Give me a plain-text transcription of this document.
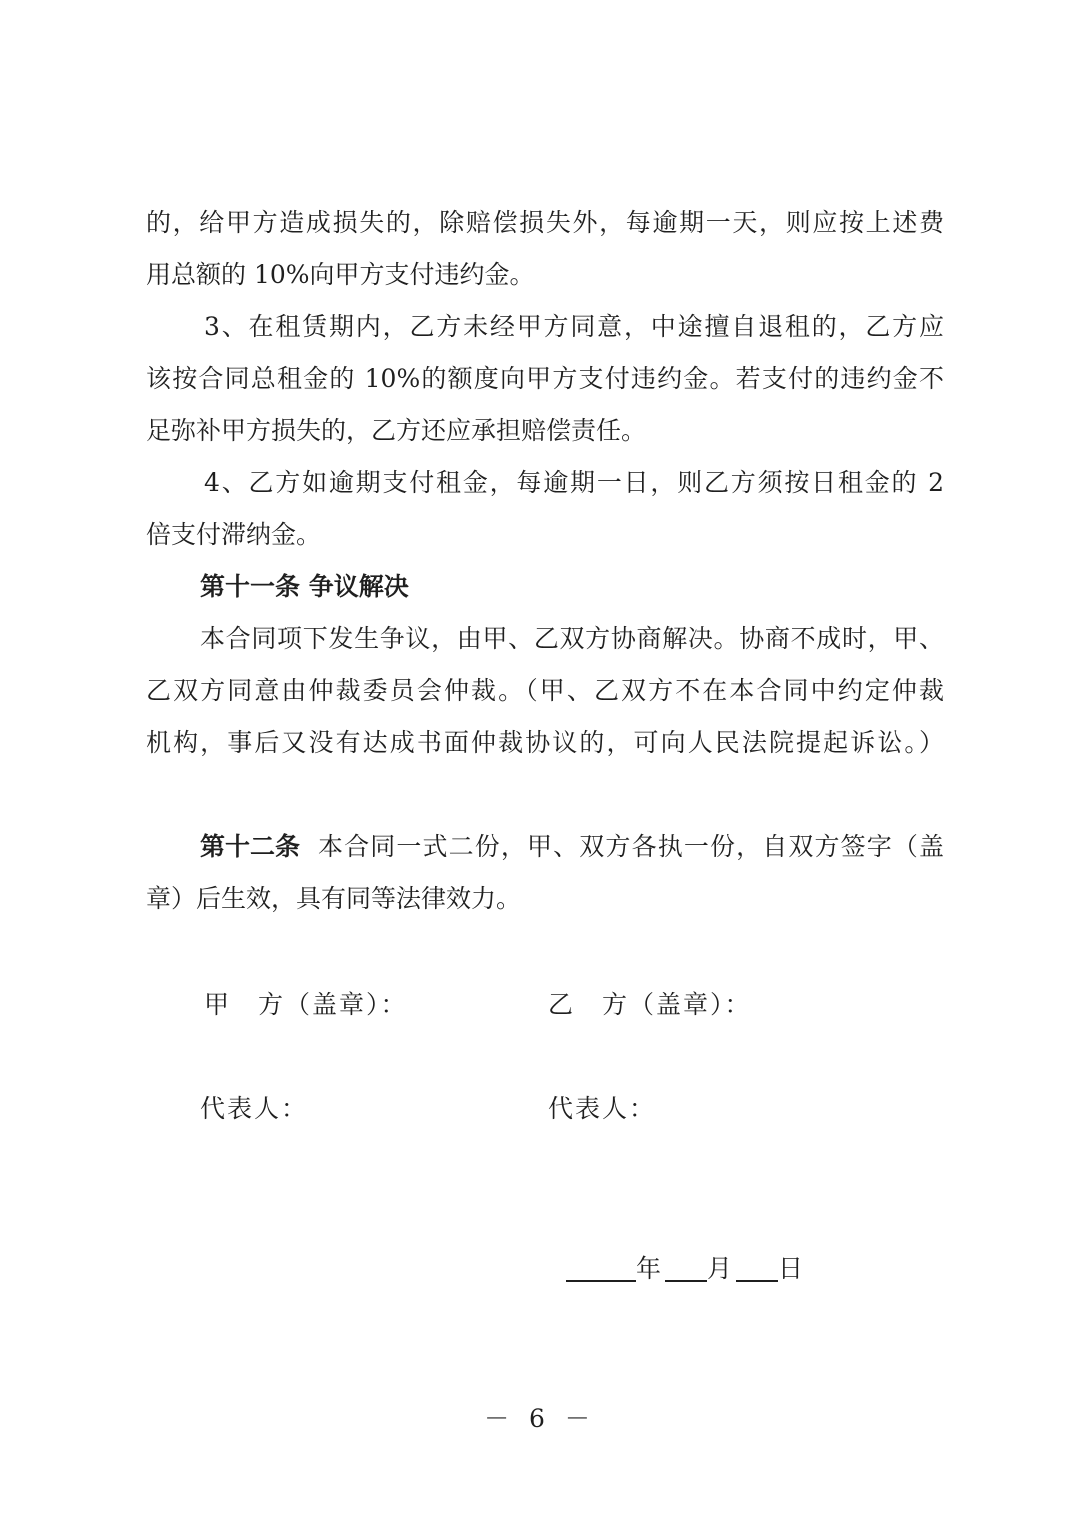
的，给甲方造成损失的，除赔偿损失外，每逾期一天，则应按上述费
用总额的 10%向甲方支付违约金。
3、在租赁期内，乙方未经甲方同意，中途擅自退租的，乙方应
该按合同总租金的 10%的额度向甲方支付违约金。若支付的违约金不
足弥补甲方损失的，乙方还应承担赔偿责任。
4、乙方如逾期支付租金，每逾期一日，则乙方须按日租金的 2
倍支付滞纳金。
第十一条 争议解决
本合同项下发生争议，由甲、乙双方协商解决。协商不成时，甲、
乙双方同意由仲裁委员会仲裁。（甲、乙双方不在本合同中约定仲裁
机构，事后又没有达成书面仲裁协议的，可向人民法院提起诉讼。）
第十二条 本合同一式二份，甲、双方各执一份，自双方签字（盖
章）后生效，具有同等法律效力。
甲　方（盖章）：	乙　方（盖章）：
代表人：	代表人：
年 月 日
－ 6 －
